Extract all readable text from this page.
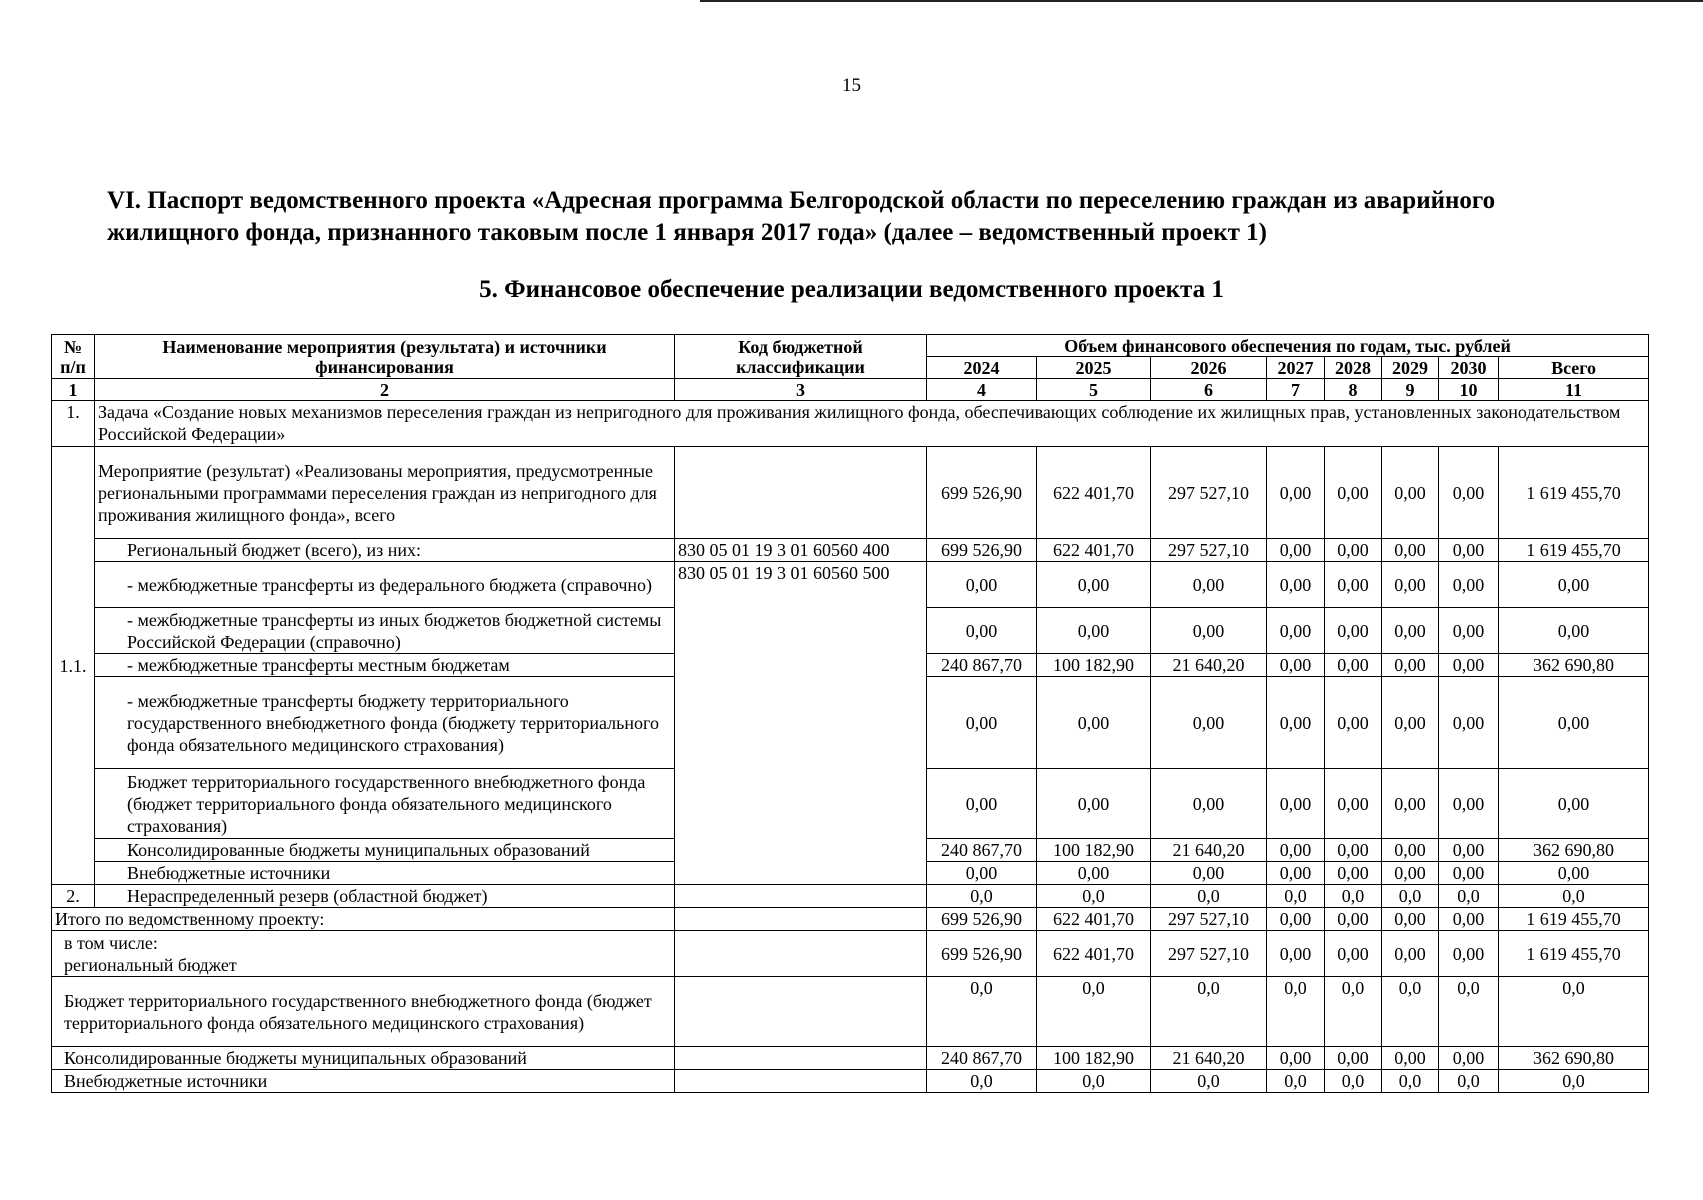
15
VI. Паспорт ведомственного проекта «Адресная программа Белгородской области по переселению граждан из аварийного жилищного фонда, признанного таковым после 1 января 2017 года» (далее – ведомственный проект 1)
5. Финансовое обеспечение реализации ведомственного проекта 1
№ п/п	Наименование мероприятия (результата) и источники финансирования	Код бюджетной классификации	Объем финансового обеспечения по годам, тыс. рублей							
			2024	2025	2026	2027	2028	2029	2030	Всего
1	2	3	4	5	6	7	8	9	10	11
1.	Задача «Создание новых механизмов переселения граждан из непригодного для проживания жилищного фонда, обеспечивающих соблюдение их жилищных прав, установленных законодательством Российской Федерации»									
1.1.	Мероприятие (результат) «Реализованы мероприятия, предусмотренные региональными программами переселения граждан из непригодного для проживания жилищного фонда», всего		699 526,90	622 401,70	297 527,10	0,00	0,00	0,00	0,00	1 619 455,70
	Региональный бюджет (всего), из них:	830 05 01 19 3 01 60560 400	699 526,90	622 401,70	297 527,10	0,00	0,00	0,00	0,00	1 619 455,70
	- межбюджетные трансферты из федерального бюджета (справочно)	830 05 01 19 3 01 60560 500	0,00	0,00	0,00	0,00	0,00	0,00	0,00	0,00
	- межбюджетные трансферты из иных бюджетов бюджетной системы Российской Федерации (справочно)		0,00	0,00	0,00	0,00	0,00	0,00	0,00	0,00
	- межбюджетные трансферты местным бюджетам		240 867,70	100 182,90	21 640,20	0,00	0,00	0,00	0,00	362 690,80
	- межбюджетные трансферты бюджету территориального государственного внебюджетного фонда (бюджету территориального фонда обязательного медицинского страхования)		0,00	0,00	0,00	0,00	0,00	0,00	0,00	0,00
	Бюджет территориального государственного внебюджетного фонда (бюджет территориального фонда обязательного медицинского страхования)		0,00	0,00	0,00	0,00	0,00	0,00	0,00	0,00
	Консолидированные бюджеты муниципальных образований		240 867,70	100 182,90	21 640,20	0,00	0,00	0,00	0,00	362 690,80
	Внебюджетные источники		0,00	0,00	0,00	0,00	0,00	0,00	0,00	0,00
2.	Нераспределенный резерв (областной бюджет)		0,0	0,0	0,0	0,0	0,0	0,0	0,0	0,0
Итого по ведомственному проекту:			699 526,90	622 401,70	297 527,10	0,00	0,00	0,00	0,00	1 619 455,70

в том числе:
региональный бюджет			699 526,90	622 401,70	297 527,10	0,00	0,00	0,00	0,00	1 619 455,70
Бюджет территориального государственного внебюджетного фонда (бюджет территориального фонда обязательного медицинского страхования)			0,0	0,0	0,0	0,0	0,0	0,0	0,0	0,0
Консолидированные бюджеты муниципальных образований			240 867,70	100 182,90	21 640,20	0,00	0,00	0,00	0,00	362 690,80
Внебюджетные источники			0,0	0,0	0,0	0,0	0,0	0,0	0,0	0,0
